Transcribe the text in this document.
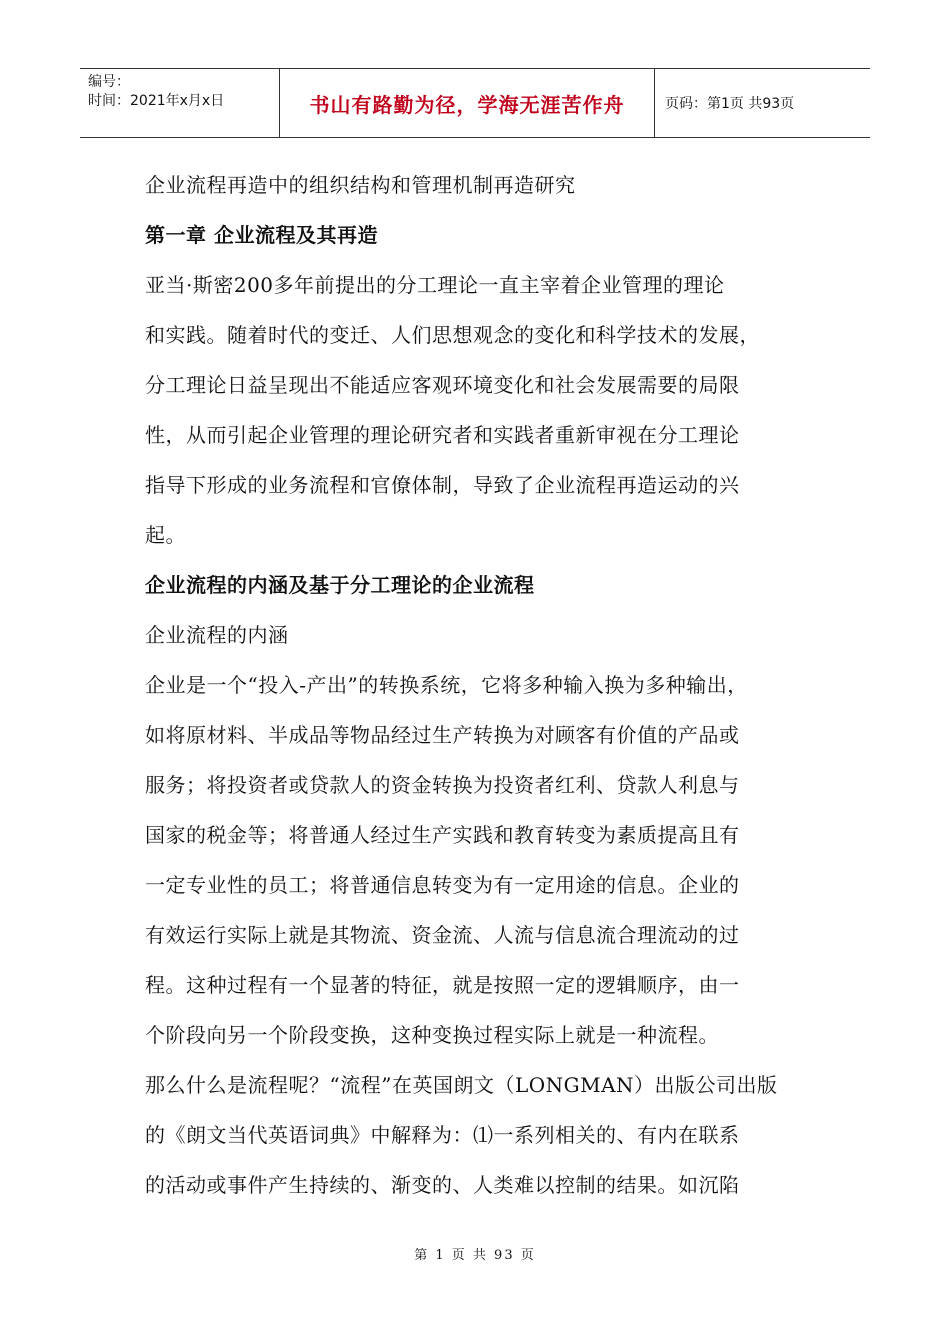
编号：
时间：2021年x月x日	书山有路勤为径，学海无涯苦作舟	页码：第1页 共93页
企业流程再造中的组织结构和管理机制再造研究
第一章 企业流程及其再造
亚当·斯密200多年前提出的分工理论一直主宰着企业管理的理论
和实践。随着时代的变迁、人们思想观念的变化和科学技术的发展，
分工理论日益呈现出不能适应客观环境变化和社会发展需要的局限
性，从而引起企业管理的理论研究者和实践者重新审视在分工理论
指导下形成的业务流程和官僚体制，导致了企业流程再造运动的兴
起。
企业流程的内涵及基于分工理论的企业流程
企业流程的内涵
企业是一个“投入-产出”的转换系统，它将多种输入换为多种输出，
如将原材料、半成品等物品经过生产转换为对顾客有价值的产品或
服务；将投资者或贷款人的资金转换为投资者红利、贷款人利息与
国家的税金等；将普通人经过生产实践和教育转变为素质提高且有
一定专业性的员工；将普通信息转变为有一定用途的信息。企业的
有效运行实际上就是其物流、资金流、人流与信息流合理流动的过
程。这种过程有一个显著的特征，就是按照一定的逻辑顺序，由一
个阶段向另一个阶段变换，这种变换过程实际上就是一种流程。
那么什么是流程呢？“流程”在英国朗文（LONGMAN）出版公司出版
的《朗文当代英语词典》中解释为：⑴一系列相关的、有内在联系
的活动或事件产生持续的、渐变的、人类难以控制的结果。如沉陷
第 1 页 共 93 页
